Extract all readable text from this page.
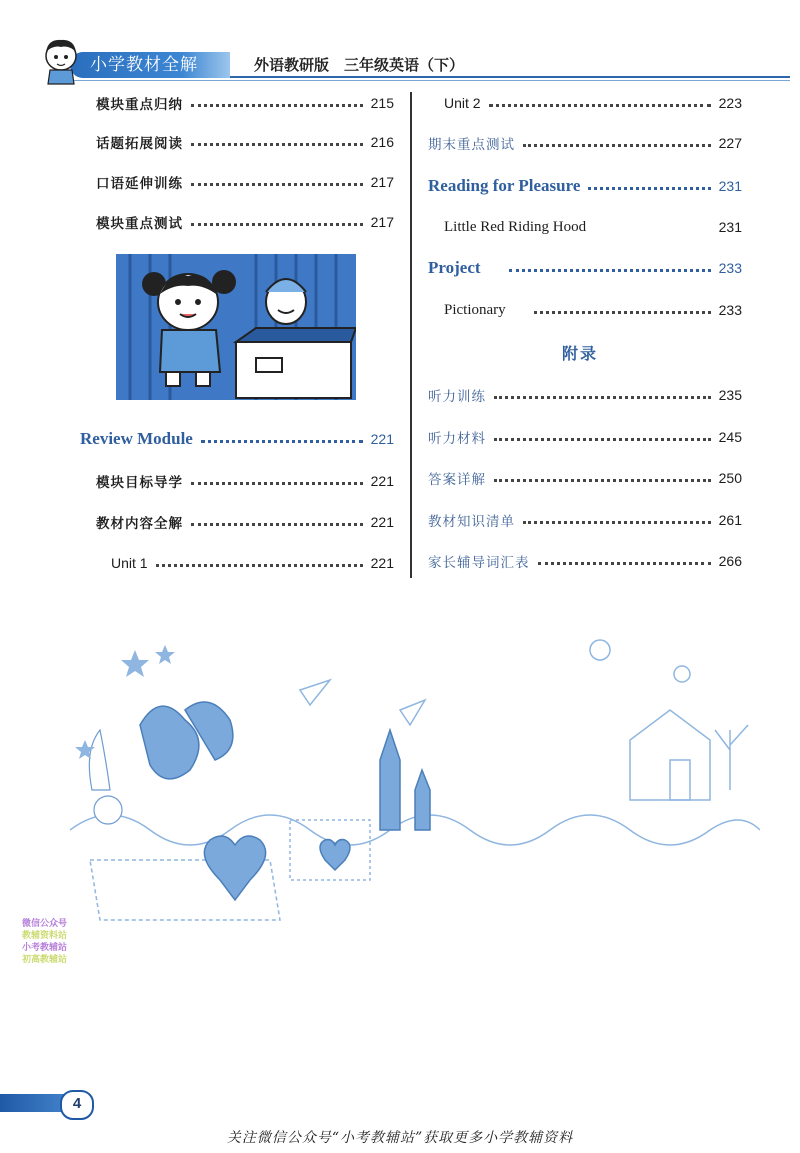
小学教材全解	外语教研版　三年级英语（下）
模块重点归纳	215
话题拓展阅读	216
口语延伸训练	217
模块重点测试	217
Review Module	221
模块目标导学	221
教材内容全解	221
Unit 1	221
Unit 2	223
期末重点测试	227
Reading for Pleasure	231
Little Red Riding Hood	231
Project	233
Pictionary	233
附录
听力训练	235
听力材料	245
答案详解	250
教材知识清单	261
家长辅导词汇表	266
微信公众号
教辅资料站
小考教辅站
初高教辅站
4
关注微信公众号“小考教辅站”获取更多小学教辅资料
